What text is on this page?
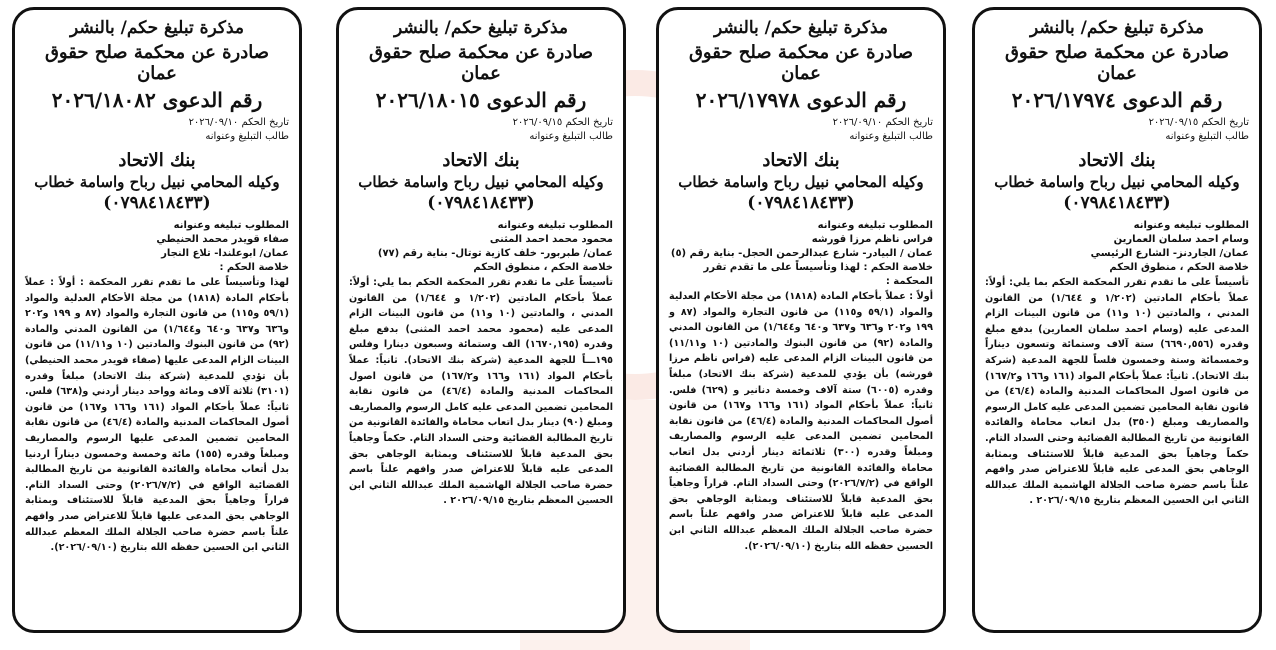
مذكرة تبليغ حكم/ بالنشر

صادرة عن محكمة صلح حقوق عمان

رقم الدعوى ٢٠٢٦/١٨٠٨٢

تاريخ الحكم ٢٠٢٦/٠٩/١٠

طالب التبليغ وعنوانه

بنك الاتحاد

وكيله المحامي نبيل رباح واسامة خطاب

(٠٧٩٨٤١٨٤٣٣)

المطلوب تبليغه وعنوانه

صفاء قويدر محمد الحنيطي

عمان/ ابوعلندا- تلاع النجار

خلاصة الحكم :

لهذا وتأسيساً على ما تقدم تقرر المحكمة : أولاً : عملاً بأحكام المادة (١٨١٨) من مجلة الأحكام العدلية والمواد (٥٩/١ و١١٥) من قانون التجارة والمواد (٨٧ و ١٩٩ و٢٠٢ و٦٣٦ و٦٣٧ و٦٤٠ و١/٦٤٤) من القانون المدني والمادة (٩٢) من قانون البنوك والمادتين (١٠ و١١/١١) من قانون البينات الزام المدعى عليها (صفاء قويدر محمد الحنيطي) بأن تؤدي للمدعية (شركة بنك الاتحاد) مبلغاً وقدره (٣١٠١) ثلاثة آلاف ومائة وواحد دينار أردني و(٦٣٨) فلس. ثانياً: عملاً بأحكام المواد (١٦١ و١٦٦ و١٦٧) من قانون أصول المحاكمات المدنية والمادة (٤٦/٤) من قانون نقابة المحامين تضمين المدعى عليها الرسوم والمصاريف ومبلغاً وقدره (١٥٥) مائة وخمسة وخمسون ديناراً اردنيا بدل أتعاب محاماة والفائدة القانونية من تاريخ المطالبة القضائية الواقع في (٢٠٢٦/٧/٢) وحتى السداد التام. قراراً وجاهياً بحق المدعية قابلاً للاستئناف وبمثابة الوجاهي بحق المدعى عليها قابلاً للاعتراض صدر وافهم علناً باسم حضرة صاحب الجلالة الملك المعظم عبدالله الثاني ابن الحسين حفظه الله بتاريخ (٢٠٢٦/٠٩/١٠).

مذكرة تبليغ حكم/ بالنشر

صادرة عن محكمة صلح حقوق عمان

رقم الدعوى ٢٠٢٦/١٨٠١٥

تاريخ الحكم ٢٠٢٦/٠٩/١٥

طالب التبليغ وعنوانه

بنك الاتحاد

وكيله المحامي نبيل رباح واسامة خطاب

(٠٧٩٨٤١٨٤٣٣)

المطلوب تبليغه وعنوانه

محمود محمد احمد المثنى

عمان/ طبربور- خلف كازية توتال- بناية رقم (٧٧)

خلاصة الحكم ، منطوق الحكم

تأسيساً على ما تقدم تقرر المحكمة الحكم بما يلي: أولاً: عملاً بأحكام المادتين (١/٢٠٢ و ١/٦٤٤) من القانون المدني ، والمادتين (١٠ و١١) من قانون البينات الزام المدعى عليه (محمود محمد احمد المثنى) بدفع مبلغ وقدره (١٦٧٠,١٩٥) الف وستمائة وسبعون دينارا وفلس ١٩٥ـــاً للجهة المدعية (شركة بنك الاتحاد). ثانياً: عملاً بأحكام المواد (١٦١ و١٦٦ و١٦٧/٢) من قانون اصول المحاكمات المدنية والمادة (٤٦/٤) من قانون نقابة المحامين تضمين المدعى عليه كامل الرسوم والمصاريف ومبلغ (٩٠) دينار بدل اتعاب محاماة والفائدة القانونية من تاريخ المطالبة القضائية وحتى السداد التام. حكماً وجاهياً بحق المدعية قابلاً للاستئناف وبمثابة الوجاهي بحق المدعى عليه قابلاً للاعتراض صدر وافهم علناً باسم حضرة صاحب الجلالة الهاشمية الملك عبدالله الثاني ابن الحسين المعظم بتاريخ ٢٠٢٦/٠٩/١٥ .

مذكرة تبليغ حكم/ بالنشر

صادرة عن محكمة صلح حقوق عمان

رقم الدعوى ٢٠٢٦/١٧٩٧٨

تاريخ الحكم ٢٠٢٦/٠٩/١٠

طالب التبليغ وعنوانه

بنك الاتحاد

وكيله المحامي نبيل رباح واسامة خطاب

(٠٧٩٨٤١٨٤٣٣)

المطلوب تبليغه وعنوانه

فراس ناظم مرزا قورشه

عمان / البيادر- شارع عبدالرحمن الحجل- بناية رقم (٥)

خلاصة الحكم : لهذا وتأسيساً على ما تقدم تقرر المحكمة :

أولاً : عملاً بأحكام المادة (١٨١٨) من مجلة الأحكام العدلية والمواد (٥٩/١ و١١٥) من قانون التجارة والمواد (٨٧ و ١٩٩ و٢٠٢ و٦٣٦ و٦٣٧ و٦٤٠ و١/٦٤٤) من القانون المدني والمادة (٩٢) من قانون البنوك والمادتين (١٠ و١١/١١) من قانون البينات الزام المدعى عليه (فراس ناظم مرزا قورشه) بأن يؤدي للمدعية (شركة بنك الاتحاد) مبلغاً وقدره (٦٠٠٥) ستة آلاف وخمسة دنانير و (٦٢٩) فلس. ثانياً: عملاً بأحكام المواد (١٦١ و١٦٦ و١٦٧) من قانون أصول المحاكمات المدنية والمادة (٤٦/٤) من قانون نقابة المحامين تضمين المدعى عليه الرسوم والمصاريف ومبلغاً وقدره (٣٠٠) ثلاثمائة دينار أردني بدل اتعاب محاماة والفائدة القانونية من تاريخ المطالبة القضائية الواقع في (٢٠٢٦/٧/٢) وحتى السداد التام. قراراً وجاهياً بحق المدعية قابلاً للاستئناف وبمثابة الوجاهي بحق المدعى عليه قابلاً للاعتراض صدر وافهم علناً باسم حضرة صاحب الجلالة الملك المعظم عبدالله الثاني ابن الحسين حفظه الله بتاريخ (٢٠٢٦/٠٩/١٠).

مذكرة تبليغ حكم/ بالنشر

صادرة عن محكمة صلح حقوق عمان

رقم الدعوى ٢٠٢٦/١٧٩٧٤

تاريخ الحكم ٢٠٢٦/٠٩/١٥

طالب التبليغ وعنوانه

بنك الاتحاد

وكيله المحامي نبيل رباح واسامة خطاب

(٠٧٩٨٤١٨٤٣٣)

المطلوب تبليغه وعنوانه

وسام احمد سلمان العمارين

عمان/ الجاردنز- الشارع الرئيسي

خلاصة الحكم ، منطوق الحكم

تأسيساً على ما تقدم تقرر المحكمة الحكم بما يلي: أولاً: عملاً بأحكام المادتين (١/٢٠٢ و ١/٦٤٤) من القانون المدني ، والمادتين (١٠ و١١) من قانون البينات الزام المدعى عليه (وسام احمد سلمان العمارين) بدفع مبلغ وقدره (٦٦٩٠,٥٥٦) ستة آلاف وستمائة وتسعون ديناراً وخمسمائة وستة وخمسون فلساً للجهة المدعية (شركة بنك الاتحاد). ثانياً: عملاً بأحكام المواد (١٦١ و١٦٦ و١٦٧/٢) من قانون اصول المحاكمات المدنية والمادة (٤٦/٤) من قانون نقابة المحامين تضمين المدعى عليه كامل الرسوم والمصاريف ومبلغ (٣٥٠) بدل اتعاب محاماة والفائدة القانونية من تاريخ المطالبة القضائية وحتى السداد التام. حكماً وجاهياً بحق المدعية قابلاً للاستئناف وبمثابة الوجاهي بحق المدعى عليه قابلاً للاعتراض صدر وافهم علناً باسم حضرة صاحب الجلالة الهاشمية الملك عبدالله الثاني ابن الحسين المعظم بتاريخ ٢٠٢٦/٠٩/١٥ .
